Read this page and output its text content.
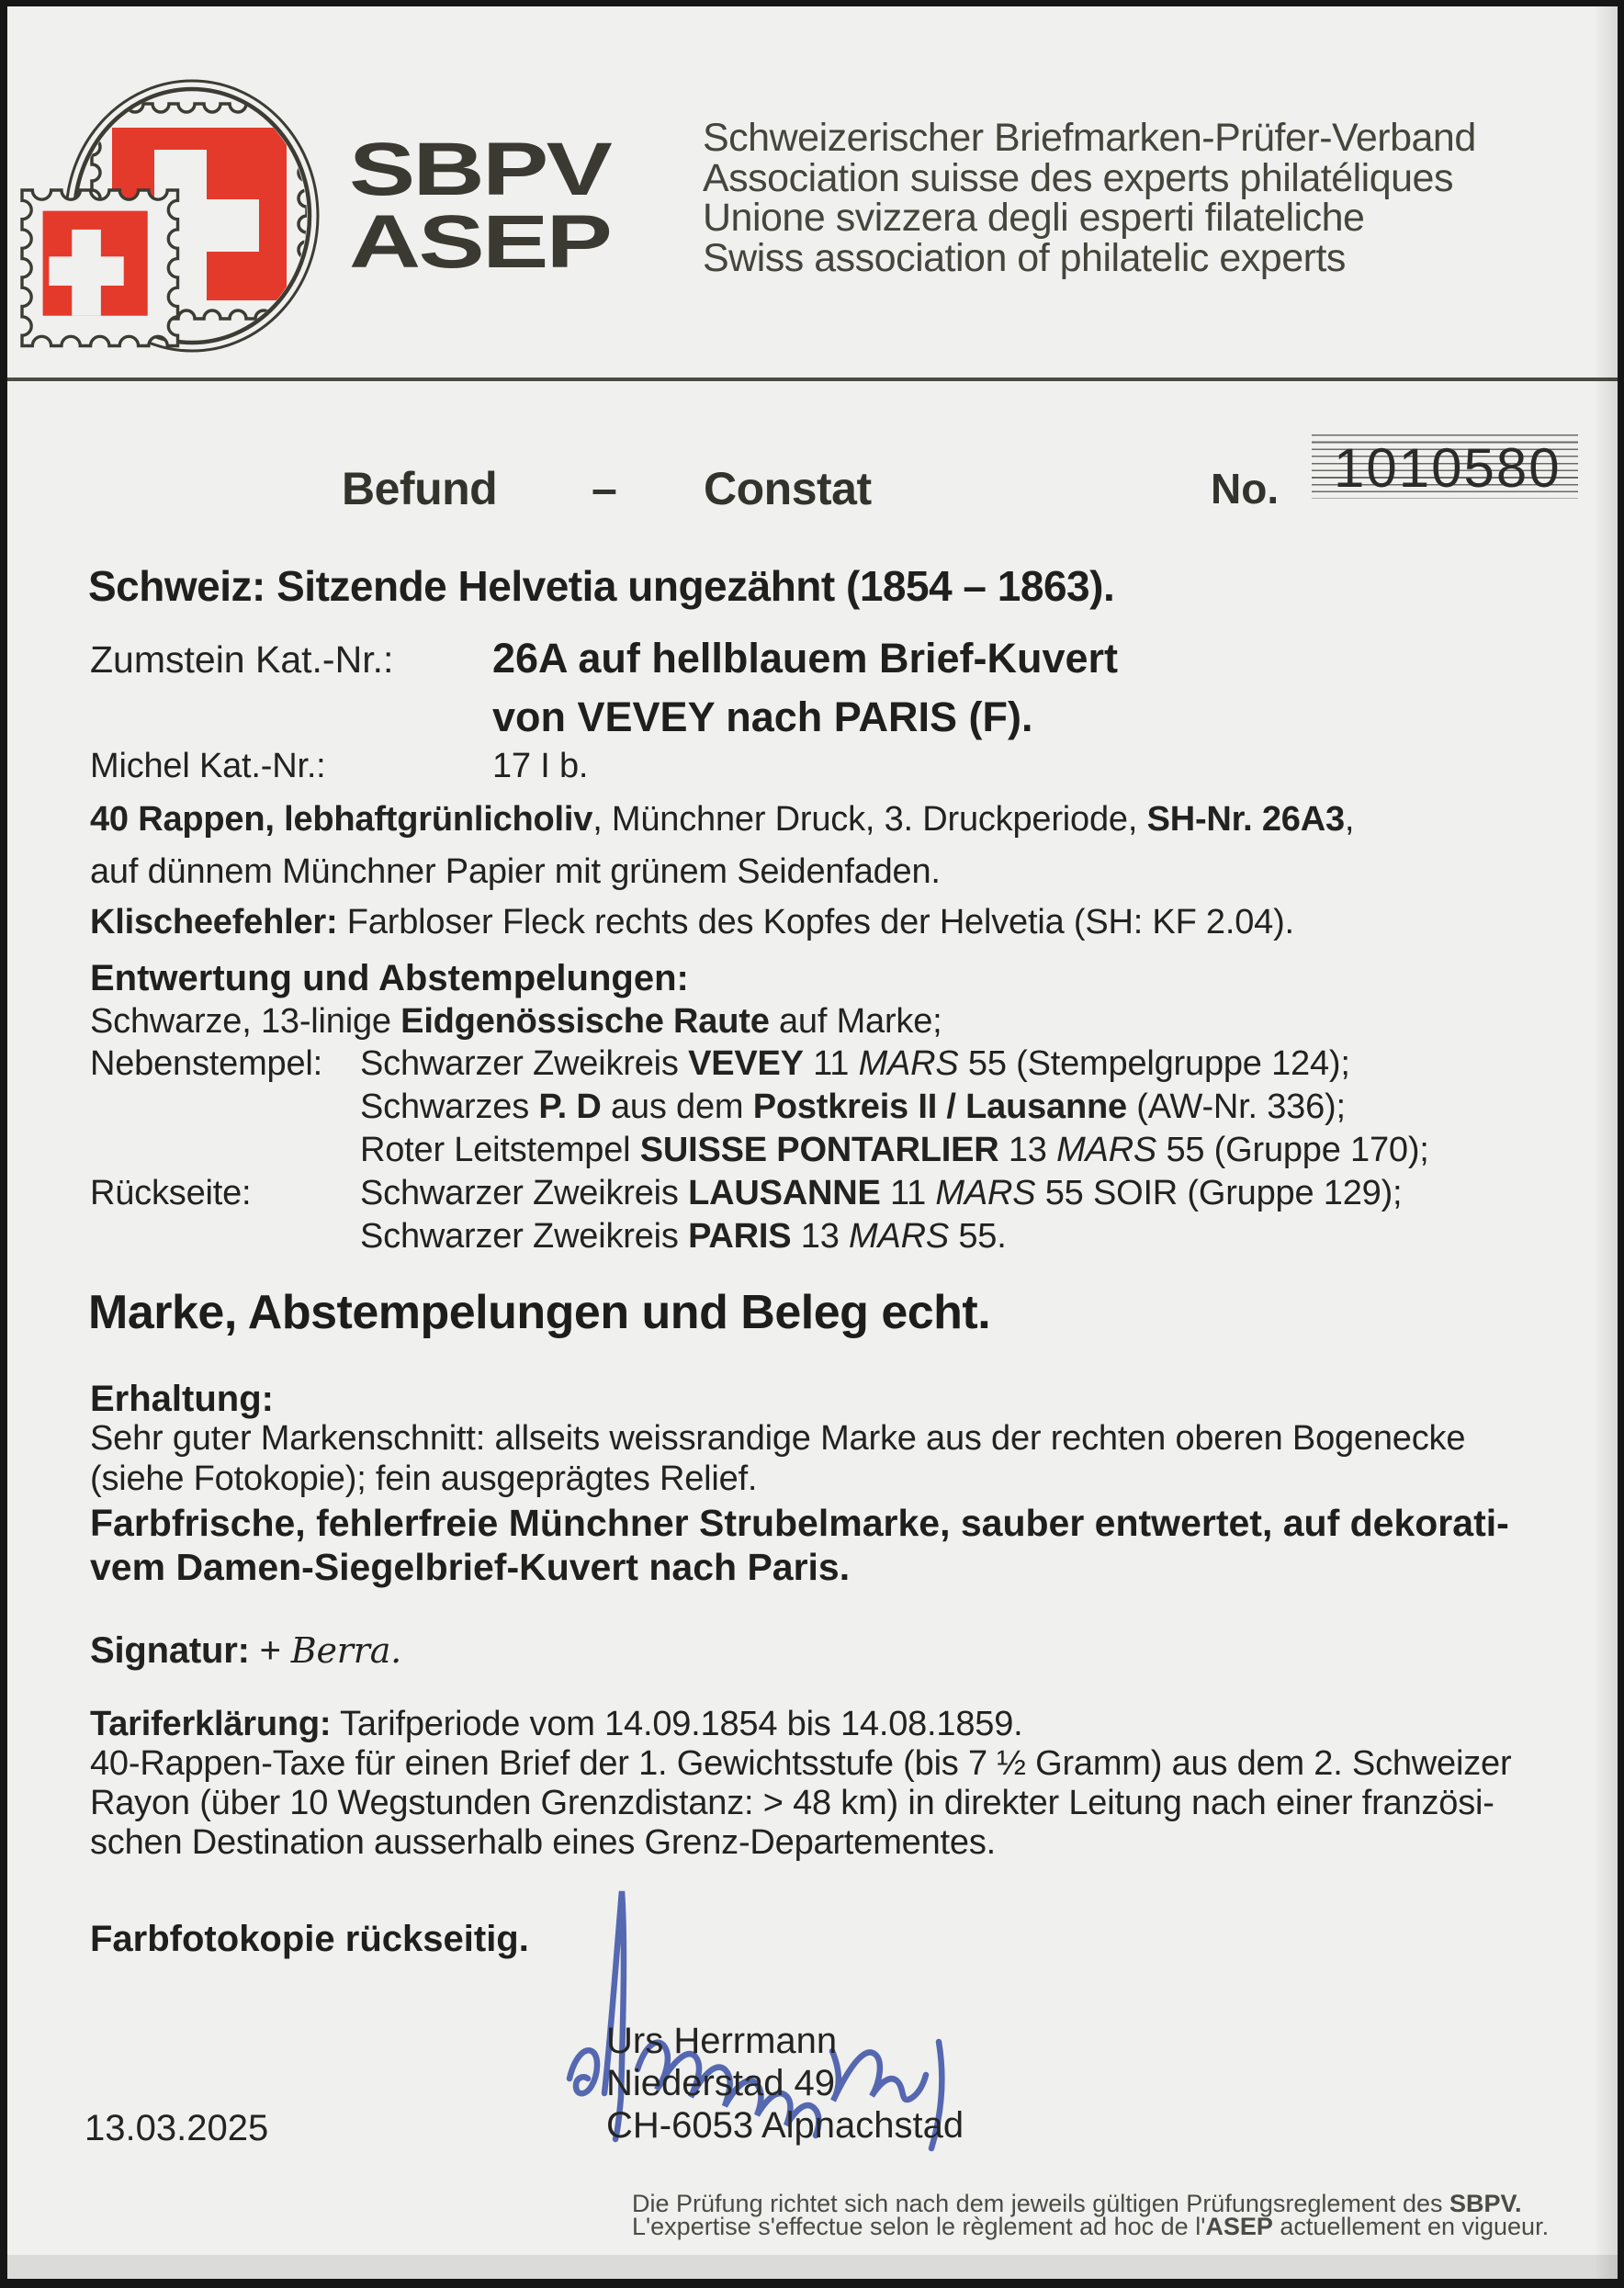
SBPV
ASEP
Schweizerischer Briefmarken-Prüfer-Verband
Association suisse des experts philatéliques
Unione svizzera degli esperti filateliche
Swiss association of philatelic experts
Befund – Constat	No. 1010580
Schweiz: Sitzende Helvetia ungezähnt (1854 – 1863).
Zumstein Kat.-Nr.: 26A auf hellblauem Brief-Kuvert
von VEVEY nach PARIS (F).
Michel Kat.-Nr.:	17 I b.
40 Rappen, lebhaftgrünlicholiv, Münchner Druck, 3. Druckperiode, SH-Nr. 26A3,
auf dünnem Münchner Papier mit grünem Seidenfaden.
Klischeefehler: Farbloser Fleck rechts des Kopfes der Helvetia (SH: KF 2.04).
Entwertung und Abstempelungen:
Schwarze, 13-linige Eidgenössische Raute auf Marke;
Nebenstempel: Schwarzer Zweikreis VEVEY 11 MARS 55 (Stempelgruppe 124);
Schwarzes P. D aus dem Postkreis II / Lausanne (AW-Nr. 336);
Roter Leitstempel SUISSE PONTARLIER 13 MARS 55 (Gruppe 170);
Rückseite:	Schwarzer Zweikreis LAUSANNE 11 MARS 55 SOIR (Gruppe 129);
Schwarzer Zweikreis PARIS 13 MARS 55.
Marke, Abstempelungen und Beleg echt.
Erhaltung:
Sehr guter Markenschnitt: allseits weissrandige Marke aus der rechten oberen Bogenecke
(siehe Fotokopie); fein ausgeprägtes Relief.
Farbfrische, fehlerfreie Münchner Strubelmarke, sauber entwertet, auf dekorati-
vem Damen-Siegelbrief-Kuvert nach Paris.
Signatur: + Berra.
Tariferklärung: Tarifperiode vom 14.09.1854 bis 14.08.1859.
40-Rappen-Taxe für einen Brief der 1. Gewichtsstufe (bis 7 ½ Gramm) aus dem 2. Schweizer
Rayon (über 10 Wegstunden Grenzdistanz: > 48 km) in direkter Leitung nach einer französi-
schen Destination ausserhalb eines Grenz-Departementes.
Farbfotokopie rückseitig.
Urs Herrmann
Niederstad 49
CH-6053 Alpnachstad
13.03.2025
Die Prüfung richtet sich nach dem jeweils gültigen Prüfungsreglement des SBPV.
L'expertise s'effectue selon le règlement ad hoc de l'ASEP actuellement en vigueur.
